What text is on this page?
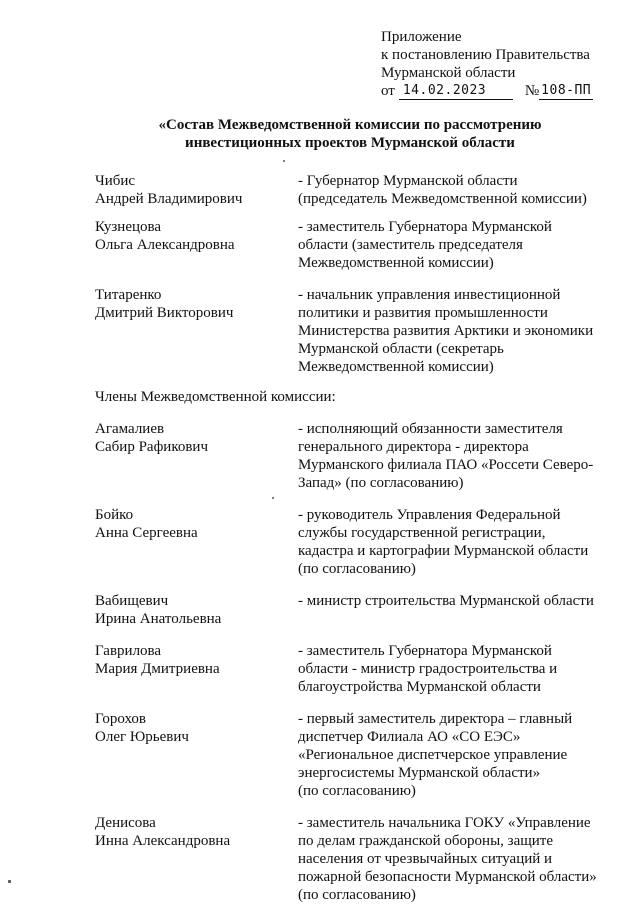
Приложение
к постановлению Правительства
Мурманской области
от 14.02.2023	№ 108-ПП
«Состав Межведомственной комиссии по рассмотрению
инвестиционных проектов Мурманской области
Чибис
Андрей Владимирович
- Губернатор Мурманской области
(председатель Межведомственной комиссии)
Кузнецова
Ольга Александровна
- заместитель Губернатора Мурманской
области (заместитель председателя
Межведомственной комиссии)
Титаренко
Дмитрий Викторович
- начальник управления инвестиционной
политики и развития промышленности
Министерства развития Арктики и экономики
Мурманской области (секретарь
Межведомственной комиссии)
Члены Межведомственной комиссии:
Агамалиев
Сабир Рафикович
- исполняющий обязанности заместителя
генерального директора - директора
Мурманского филиала ПАО «Россети Северо-
Запад» (по согласованию)
Бойко
Анна Сергеевна
- руководитель Управления Федеральной
службы государственной регистрации,
кадастра и картографии Мурманской области
(по согласованию)
Вабищевич
Ирина Анатольевна
- министр строительства Мурманской области
Гаврилова
Мария Дмитриевна
- заместитель Губернатора Мурманской
области - министр градостроительства и
благоустройства Мурманской области
Горохов
Олег Юрьевич
- первый заместитель директора – главный
диспетчер Филиала АО «СО ЕЭС»
«Региональное диспетчерское управление
энергосистемы Мурманской области»
(по согласованию)
Денисова
Инна Александровна
- заместитель начальника ГОКУ «Управление
по делам гражданской обороны, защите
населения от чрезвычайных ситуаций и
пожарной безопасности Мурманской области»
(по согласованию)
